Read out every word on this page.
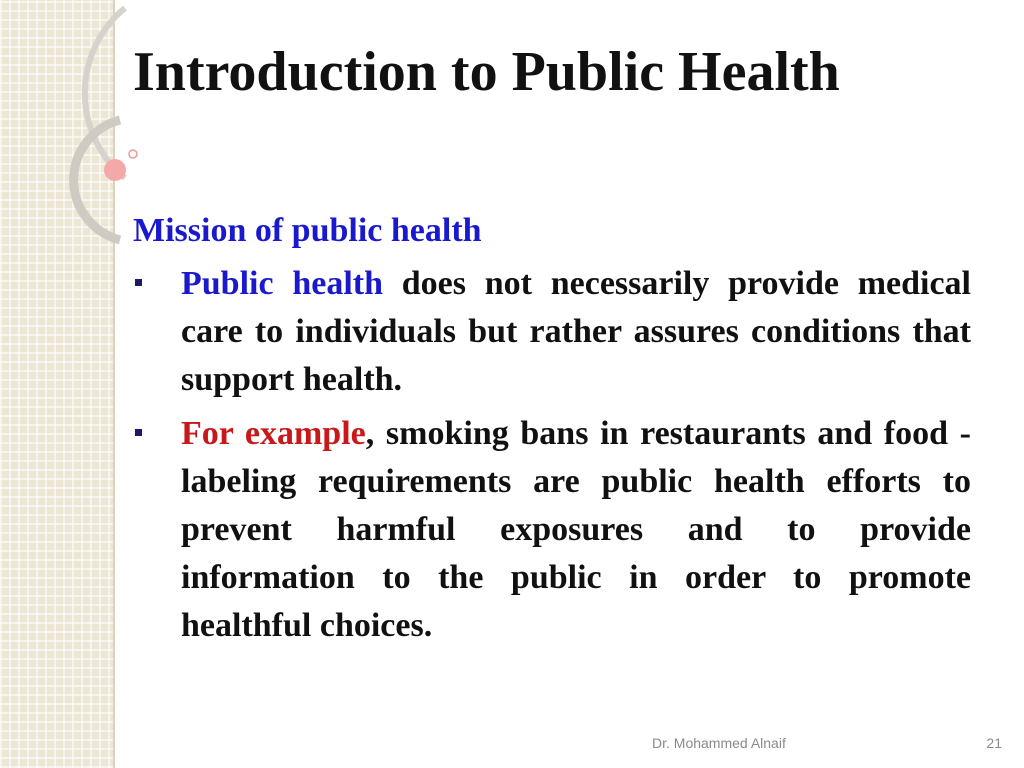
Introduction to Public Health
Mission of public health
Public health does not necessarily provide medical care to individuals but rather assures conditions that support health.
For example, smoking bans in restaurants and food - labeling requirements are public health efforts to prevent harmful exposures and to provide information to the public in order to promote healthful choices.
Dr. Mohammed Alnaif	21
